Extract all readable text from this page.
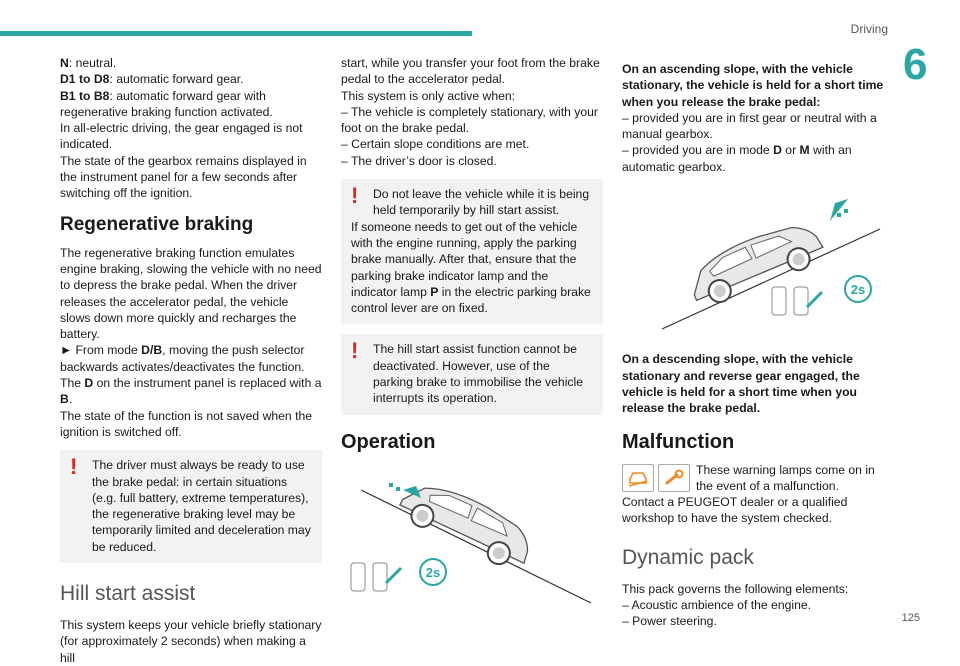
Driving
6
125

N: neutral.

D1 to D8: automatic forward gear.

B1 to B8: automatic forward gear with regenerative braking function activated.

In all-electric driving, the gear engaged is not indicated.

The state of the gearbox remains displayed in the instrument panel for a few seconds after switching off the ignition.

Regenerative braking

The regenerative braking function emulates engine braking, slowing the vehicle with no need to depress the brake pedal. When the driver releases the accelerator pedal, the vehicle slows down more quickly and recharges the battery.

► From mode D/B, moving the push selector backwards activates/deactivates the function.

The D on the instrument panel is replaced with a B.

The state of the function is not saved when the ignition is switched off.

!	The driver must always be ready to use the brake pedal: in certain situations (e.g. full battery, extreme temperatures), the regenerative braking level may be temporarily limited and deceleration may be reduced.
Hill start assist

This system keeps your vehicle briefly stationary (for approximately 2 seconds) when making a hill

start, while you transfer your foot from the brake pedal to the accelerator pedal.

This system is only active when:

– The vehicle is completely stationary, with your foot on the brake pedal.

– Certain slope conditions are met.

– The driver’s door is closed.

!	Do not leave the vehicle while it is being held temporarily by hill start assist.
If someone needs to get out of the vehicle with the engine running, apply the parking brake manually. After that, ensure that the parking brake indicator lamp and the indicator lamp P in the electric parking brake control lever are on fixed.
!	The hill start assist function cannot be deactivated. However, use of the parking brake to immobilise the vehicle interrupts its operation.
Operation
2s

On an ascending slope, with the vehicle stationary, the vehicle is held for a short time when you release the brake pedal:

– provided you are in first gear or neutral with a manual gearbox.

– provided you are in mode D or M with an automatic gearbox.

2s

On a descending slope, with the vehicle stationary and reverse gear engaged, the vehicle is held for a short time when you release the brake pedal.

Malfunction

These warning lamps come on in the event of a malfunction.

Contact a PEUGEOT dealer or a qualified workshop to have the system checked.

Dynamic pack

This pack governs the following elements:

– Acoustic ambience of the engine.

– Power steering.
